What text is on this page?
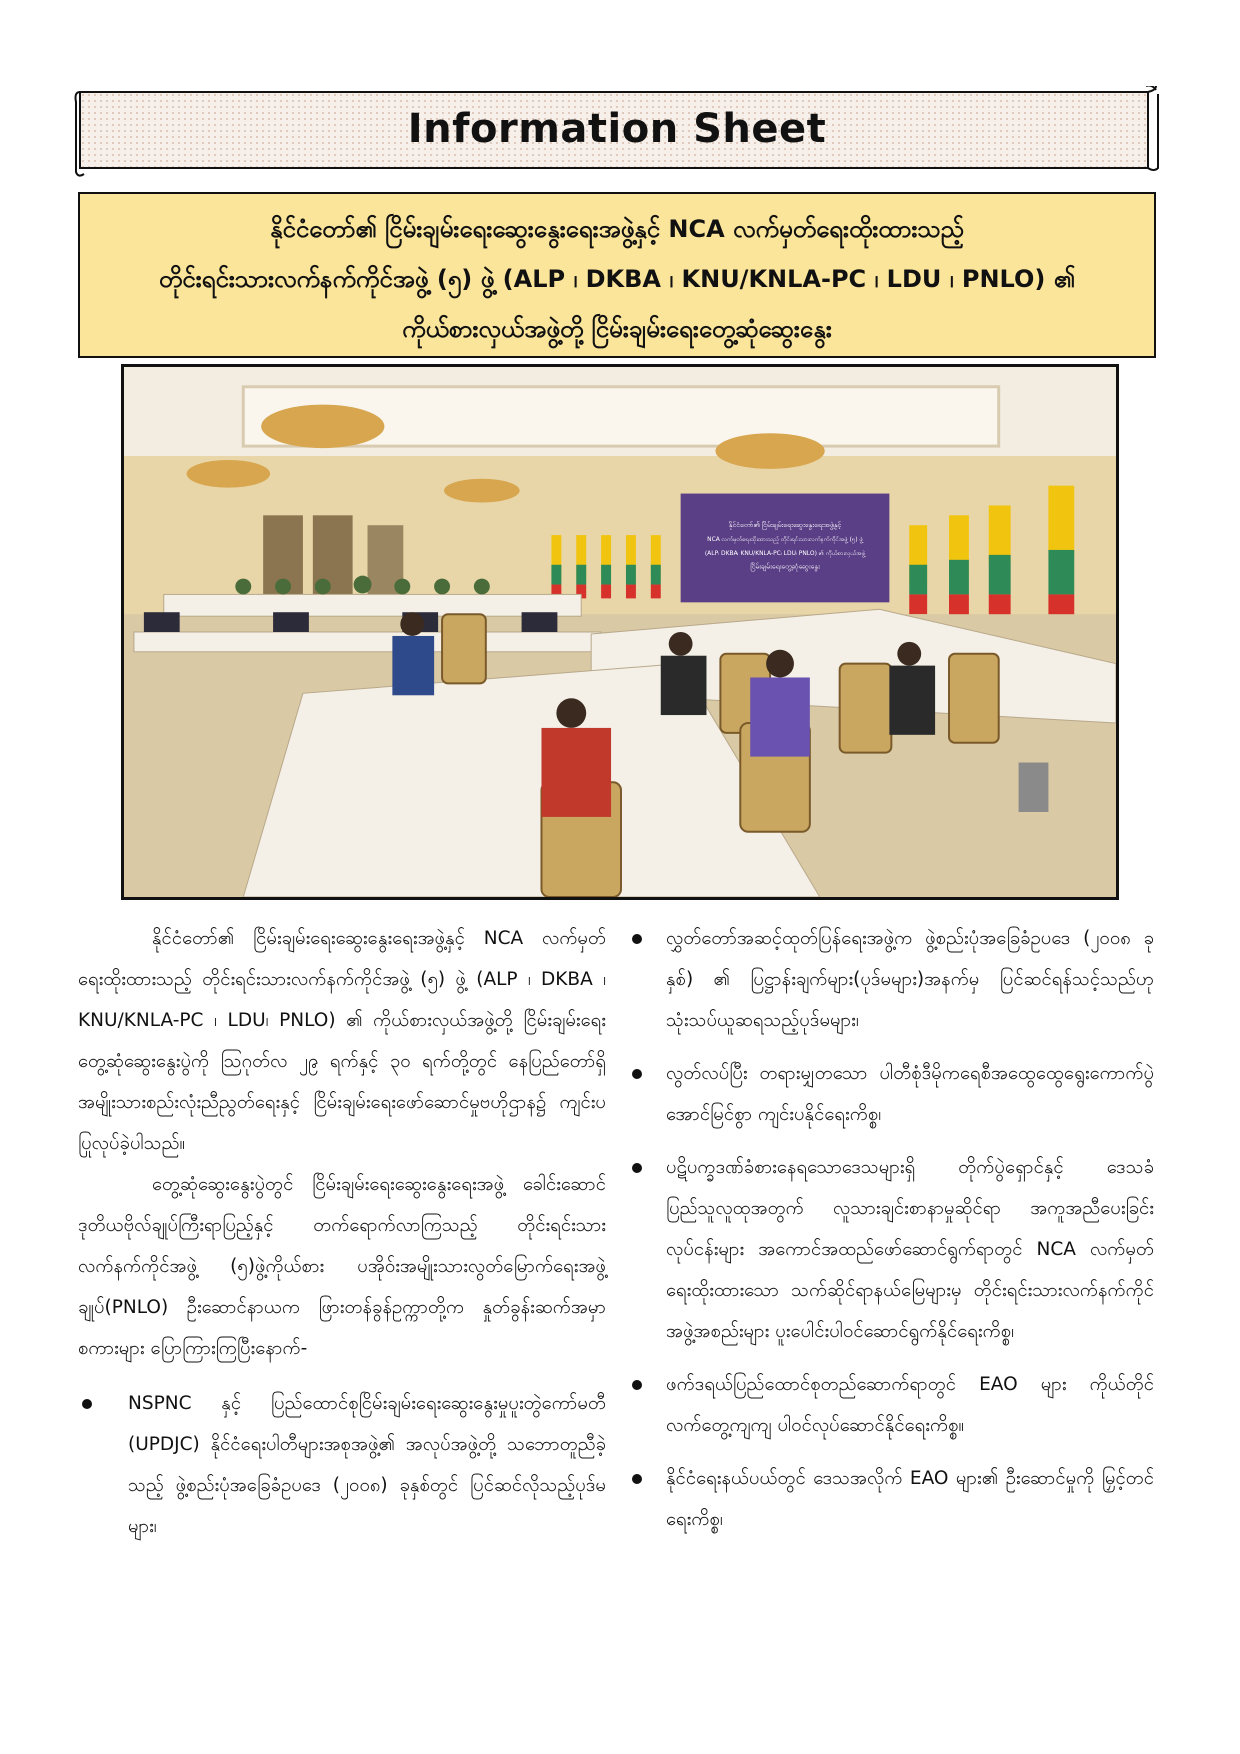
Information Sheet

နိုင်ငံတော်၏ ငြိမ်းချမ်းရေးဆွေးနွေးရေးအဖွဲ့နှင့် NCA လက်မှတ်ရေးထိုးထားသည့်

တိုင်းရင်းသားလက်နက်ကိုင်အဖွဲ့ (၅) ဖွဲ့ (ALP ၊ DKBA ၊ KNU/KNLA-PC ၊ LDU ၊ PNLO) ၏

ကိုယ်စားလှယ်အဖွဲ့တို့ ငြိမ်းချမ်းရေးတွေ့ဆုံဆွေးနွေး

နိုင်ငံတော်၏ ငြိမ်းချမ်းရေးဆွေးနွေးရေးအဖွဲ့နှင့်
NCA လက်မှတ်ရေးထိုးထားသည့် တိုင်းရင်းသားလက်နက်ကိုင်အဖွဲ့ (၅) ဖွဲ့
(ALP၊ DKBA၊ KNU/KNLA-PC၊ LDU၊ PNLO) ၏ ကိုယ်စားလှယ်အဖွဲ့
ငြိမ်းချမ်းရေးတွေ့ဆုံဆွေးနွေး

နိုင်ငံတော်၏ ငြိမ်းချမ်းရေးဆွေးနွေးရေးအဖွဲ့နှင့် NCA လက်မှတ်ရေးထိုးထားသည့် တိုင်းရင်းသားလက်နက်ကိုင်အဖွဲ့ (၅) ဖွဲ့ (ALP ၊ DKBA ၊ KNU/KNLA-PC ၊ LDU၊ PNLO) ၏ ကိုယ်စားလှယ်အဖွဲ့တို့ ငြိမ်းချမ်းရေးတွေ့ဆုံဆွေးနွေးပွဲကို ဩဂုတ်လ ၂၉ ရက်နှင့် ၃၀ ရက်တို့တွင် နေပြည်တော်ရှိ အမျိုးသားစည်းလုံးညီညွတ်ရေးနှင့် ငြိမ်းချမ်းရေးဖော်ဆောင်မှုဗဟိုဌာန၌ ကျင်းပပြုလုပ်ခဲ့ပါသည်။

တွေ့ဆုံဆွေးနွေးပွဲတွင် ငြိမ်းချမ်းရေးဆွေးနွေးရေးအဖွဲ့ ခေါင်းဆောင် ဒုတိယဗိုလ်ချုပ်ကြီးရာပြည့်နှင့် တက်ရောက်လာကြသည့် တိုင်းရင်းသားလက်နက်ကိုင်အဖွဲ့ (၅)ဖွဲ့ကိုယ်စား ပအိုဝ်းအမျိုးသားလွတ်မြောက်ရေးအဖွဲ့ချုပ်(PNLO) ဦးဆောင်နာယက ဖြားတန်ခွန်ဥက္ကာတို့က နှုတ်ခွန်းဆက်အမှာစကားများ ပြောကြားကြပြီးနောက်-

NSPNC နှင့် ပြည်ထောင်စုငြိမ်းချမ်းရေးဆွေးနွေးမှုပူးတွဲကော်မတီ (UPDJC) နိုင်ငံရေးပါတီများအစုအဖွဲ့၏ အလုပ်အဖွဲ့တို့ သဘောတူညီခဲ့သည့် ဖွဲ့စည်းပုံအခြေခံဥပဒေ (၂၀၀၈) ခုနှစ်တွင် ပြင်ဆင်လိုသည့်ပုဒ်မများ၊
လွှတ်တော်အဆင့်ထုတ်ပြန်ရေးအဖွဲ့က ဖွဲ့စည်းပုံအခြေခံဥပဒေ (၂၀၀၈ ခုနှစ်) ၏ ပြဋ္ဌာန်းချက်များ(ပုဒ်မများ)အနက်မှ ပြင်ဆင်ရန်သင့်သည်ဟု သုံးသပ်ယူဆရသည့်ပုဒ်မများ၊
လွတ်လပ်ပြီး တရားမျှတသော ပါတီစုံဒီမိုကရေစီအထွေထွေရွေးကောက်ပွဲ အောင်မြင်စွာ ကျင်းပနိုင်ရေးကိစ္စ၊
ပဋိပက္ခဒဏ်ခံစားနေရသောဒေသများရှိ တိုက်ပွဲရှောင်နှင့် ဒေသခံပြည်သူလူထုအတွက် လူသားချင်းစာနာမှုဆိုင်ရာ အကူအညီပေးခြင်းလုပ်ငန်းများ အကောင်အထည်ဖော်ဆောင်ရွက်ရာတွင် NCA လက်မှတ်ရေးထိုးထားသော သက်ဆိုင်ရာနယ်မြေများမှ တိုင်းရင်းသားလက်နက်ကိုင်အဖွဲ့အစည်းများ ပူးပေါင်းပါဝင်ဆောင်ရွက်နိုင်ရေးကိစ္စ၊
ဖက်ဒရယ်ပြည်ထောင်စုတည်ဆောက်ရာတွင် EAO များ ကိုယ်တိုင်လက်တွေ့ကျကျ ပါဝင်လုပ်ဆောင်နိုင်ရေးကိစ္စ။
နိုင်ငံရေးနယ်ပယ်တွင် ဒေသအလိုက် EAO များ၏ ဦးဆောင်မှုကို မြှင့်တင်ရေးကိစ္စ၊
